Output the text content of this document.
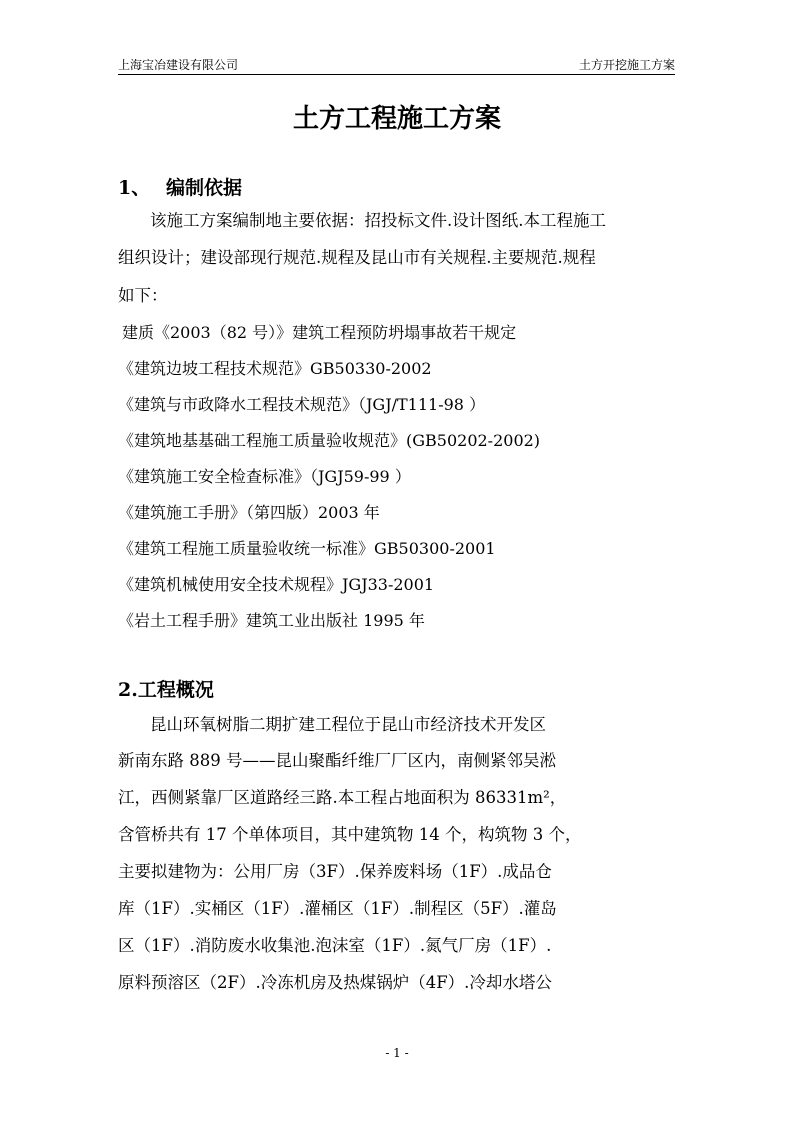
上海宝冶建设有限公司	土方开挖施工方案
土方工程施工方案
1、 编制依据
该施工方案编制地主要依据：招投标文件.设计图纸.本工程施工
组织设计；建设部现行规范.规程及昆山市有关规程.主要规范.规程
如下：
建质《2003（82 号）》建筑工程预防坍塌事故若干规定
《建筑边坡工程技术规范》GB50330-2002
《建筑与市政降水工程技术规范》（JGJ/T111-98 ）
《建筑地基基础工程施工质量验收规范》(GB50202-2002)
《建筑施工安全检查标准》（JGJ59-99 ）
《建筑施工手册》（第四版）2003 年
《建筑工程施工质量验收统一标准》GB50300-2001
《建筑机械使用安全技术规程》JGJ33-2001
《岩土工程手册》建筑工业出版社 1995 年
2.工程概况
昆山环氧树脂二期扩建工程位于昆山市经济技术开发区
新南东路 889 号——昆山聚酯纤维厂厂区内，南侧紧邻吴淞
江，西侧紧靠厂区道路经三路.本工程占地面积为 86331m²，
含管桥共有 17 个单体项目，其中建筑物 14 个，构筑物 3 个，
主要拟建物为：公用厂房（3F）.保养废料场（1F）.成品仓
库（1F）.实桶区（1F）.灌桶区（1F）.制程区（5F）.灌岛
区（1F）.消防废水收集池.泡沫室（1F）.氮气厂房（1F）.
原料预溶区（2F）.冷冻机房及热煤锅炉（4F）.冷却水塔公
- 1 -
